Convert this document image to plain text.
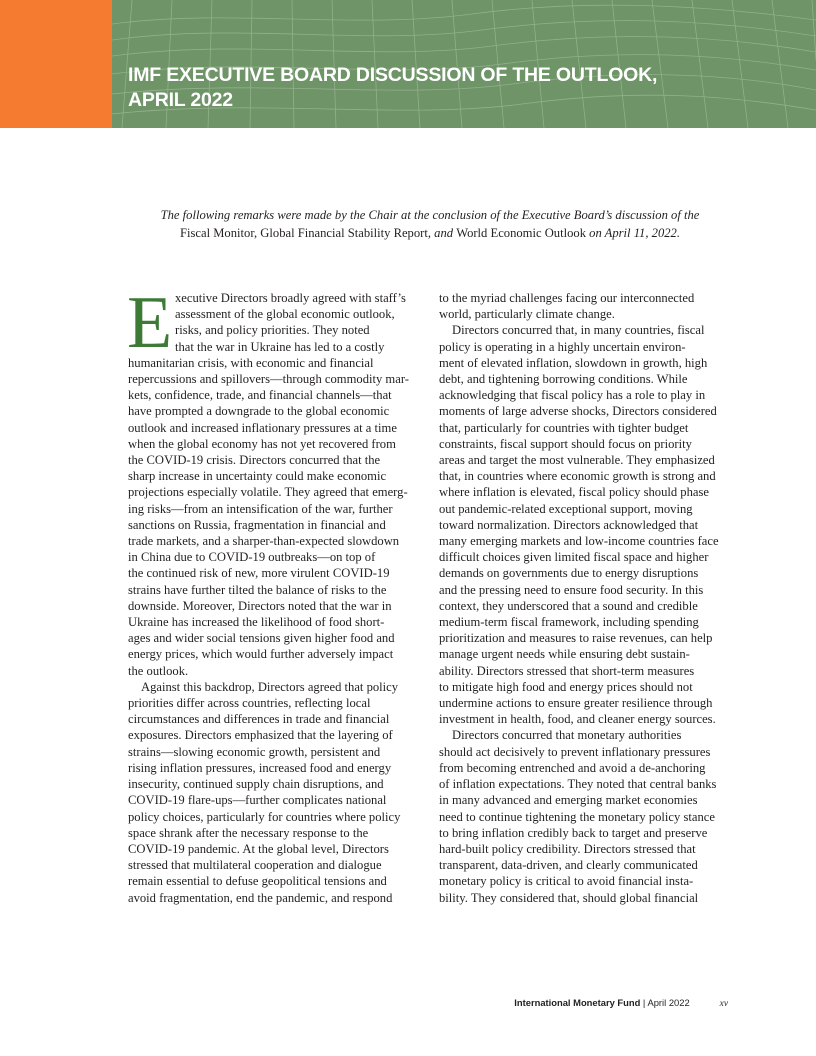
IMF EXECUTIVE BOARD DISCUSSION OF THE OUTLOOK,
APRIL 2022
The following remarks were made by the Chair at the conclusion of the Executive Board’s discussion of the
Fiscal Monitor, Global Financial Stability Report, and World Economic Outlook on April 11, 2022.
E xecutive Directors broadly agreed with staff’s
assessment of the global economic outlook,
risks, and policy priorities. They noted
that the war in Ukraine has led to a costly
humanitarian crisis, with economic and financial
repercussions and spillovers—through commodity mar-
kets, confidence, trade, and financial channels—that
have prompted a downgrade to the global economic
outlook and increased inflationary pressures at a time
when the global economy has not yet recovered from
the COVID-19 crisis. Directors concurred that the
sharp increase in uncertainty could make economic
projections especially volatile. They agreed that emerg-
ing risks—from an intensification of the war, further
sanctions on Russia, fragmentation in financial and
trade markets, and a sharper-than-expected slowdown
in China due to COVID-19 outbreaks—on top of
the continued risk of new, more virulent COVID-19
strains have further tilted the balance of risks to the
downside. Moreover, Directors noted that the war in
Ukraine has increased the likelihood of food short-
ages and wider social tensions given higher food and
energy prices, which would further adversely impact
the outlook.
Against this backdrop, Directors agreed that policy
priorities differ across countries, reflecting local
circumstances and differences in trade and financial
exposures. Directors emphasized that the layering of
strains—slowing economic growth, persistent and
rising inflation pressures, increased food and energy
insecurity, continued supply chain disruptions, and
COVID-19 flare-ups—further complicates national
policy choices, particularly for countries where policy
space shrank after the necessary response to the
COVID-19 pandemic. At the global level, Directors
stressed that multilateral cooperation and dialogue
remain essential to defuse geopolitical tensions and
avoid fragmentation, end the pandemic, and respond
to the myriad challenges facing our interconnected
world, particularly climate change.
Directors concurred that, in many countries, fiscal
policy is operating in a highly uncertain environ-
ment of elevated inflation, slowdown in growth, high
debt, and tightening borrowing conditions. While
acknowledging that fiscal policy has a role to play in
moments of large adverse shocks, Directors considered
that, particularly for countries with tighter budget
constraints, fiscal support should focus on priority
areas and target the most vulnerable. They emphasized
that, in countries where economic growth is strong and
where inflation is elevated, fiscal policy should phase
out pandemic-related exceptional support, moving
toward normalization. Directors acknowledged that
many emerging markets and low-income countries face
difficult choices given limited fiscal space and higher
demands on governments due to energy disruptions
and the pressing need to ensure food security. In this
context, they underscored that a sound and credible
medium-term fiscal framework, including spending
prioritization and measures to raise revenues, can help
manage urgent needs while ensuring debt sustain-
ability. Directors stressed that short-term measures
to mitigate high food and energy prices should not
undermine actions to ensure greater resilience through
investment in health, food, and cleaner energy sources.
Directors concurred that monetary authorities
should act decisively to prevent inflationary pressures
from becoming entrenched and avoid a de-anchoring
of inflation expectations. They noted that central banks
in many advanced and emerging market economies
need to continue tightening the monetary policy stance
to bring inflation credibly back to target and preserve
hard-built policy credibility. Directors stressed that
transparent, data-driven, and clearly communicated
monetary policy is critical to avoid financial insta-
bility. They considered that, should global financial
International Monetary Fund | April 2022	xv
